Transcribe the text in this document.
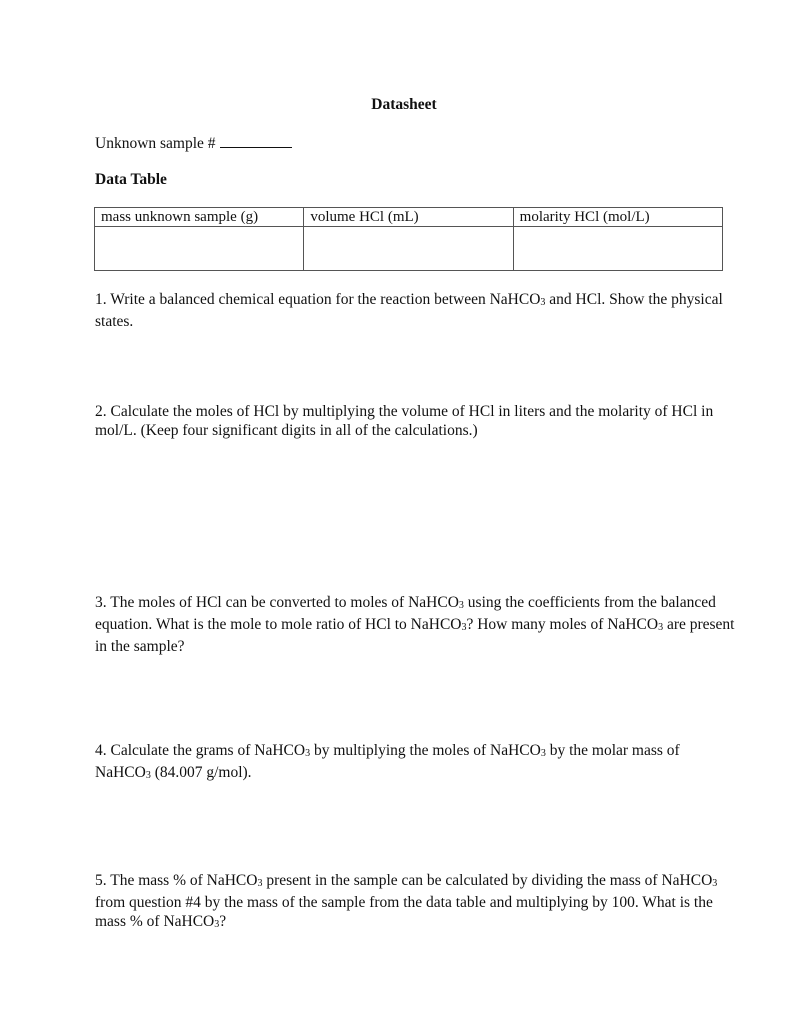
Datasheet
Unknown sample #
Data Table
mass unknown sample (g)	volume HCl (mL)	molarity HCl (mol/L)

1. Write a balanced chemical equation for the reaction between NaHCO$_3$ and HCl. Show the physical states.
2. Calculate the moles of HCl by multiplying the volume of HCl in liters and the molarity of HCl in mol/L. (Keep four significant digits in all of the calculations.)
3. The moles of HCl can be converted to moles of NaHCO$_3$ using the coefficients from the balanced equation. What is the mole to mole ratio of HCl to NaHCO$_3$? How many moles of NaHCO$_3$ are present in the sample?
4. Calculate the grams of NaHCO$_3$ by multiplying the moles of NaHCO$_3$ by the molar mass of NaHCO$_3$ (84.007 g/mol).
5. The mass % of NaHCO$_3$ present in the sample can be calculated by dividing the mass of NaHCO$_3$ from question #4 by the mass of the sample from the data table and multiplying by 100. What is the mass % of NaHCO$_3$?
